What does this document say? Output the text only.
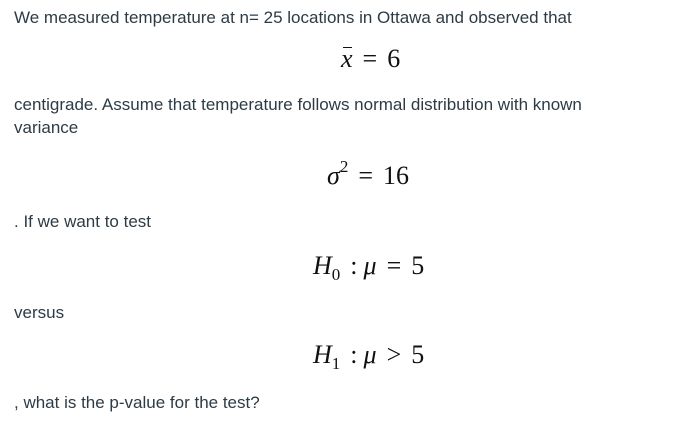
We measured temperature at n= 25 locations in Ottawa and observed that
x = 6
centigrade. Assume that temperature follows normal distribution with known
variance
$\sigma^2 = 16$
. If we want to test
$H_0$ : μ = 5
versus
$H_1$ : μ > 5
, what is the p-value for the test?
